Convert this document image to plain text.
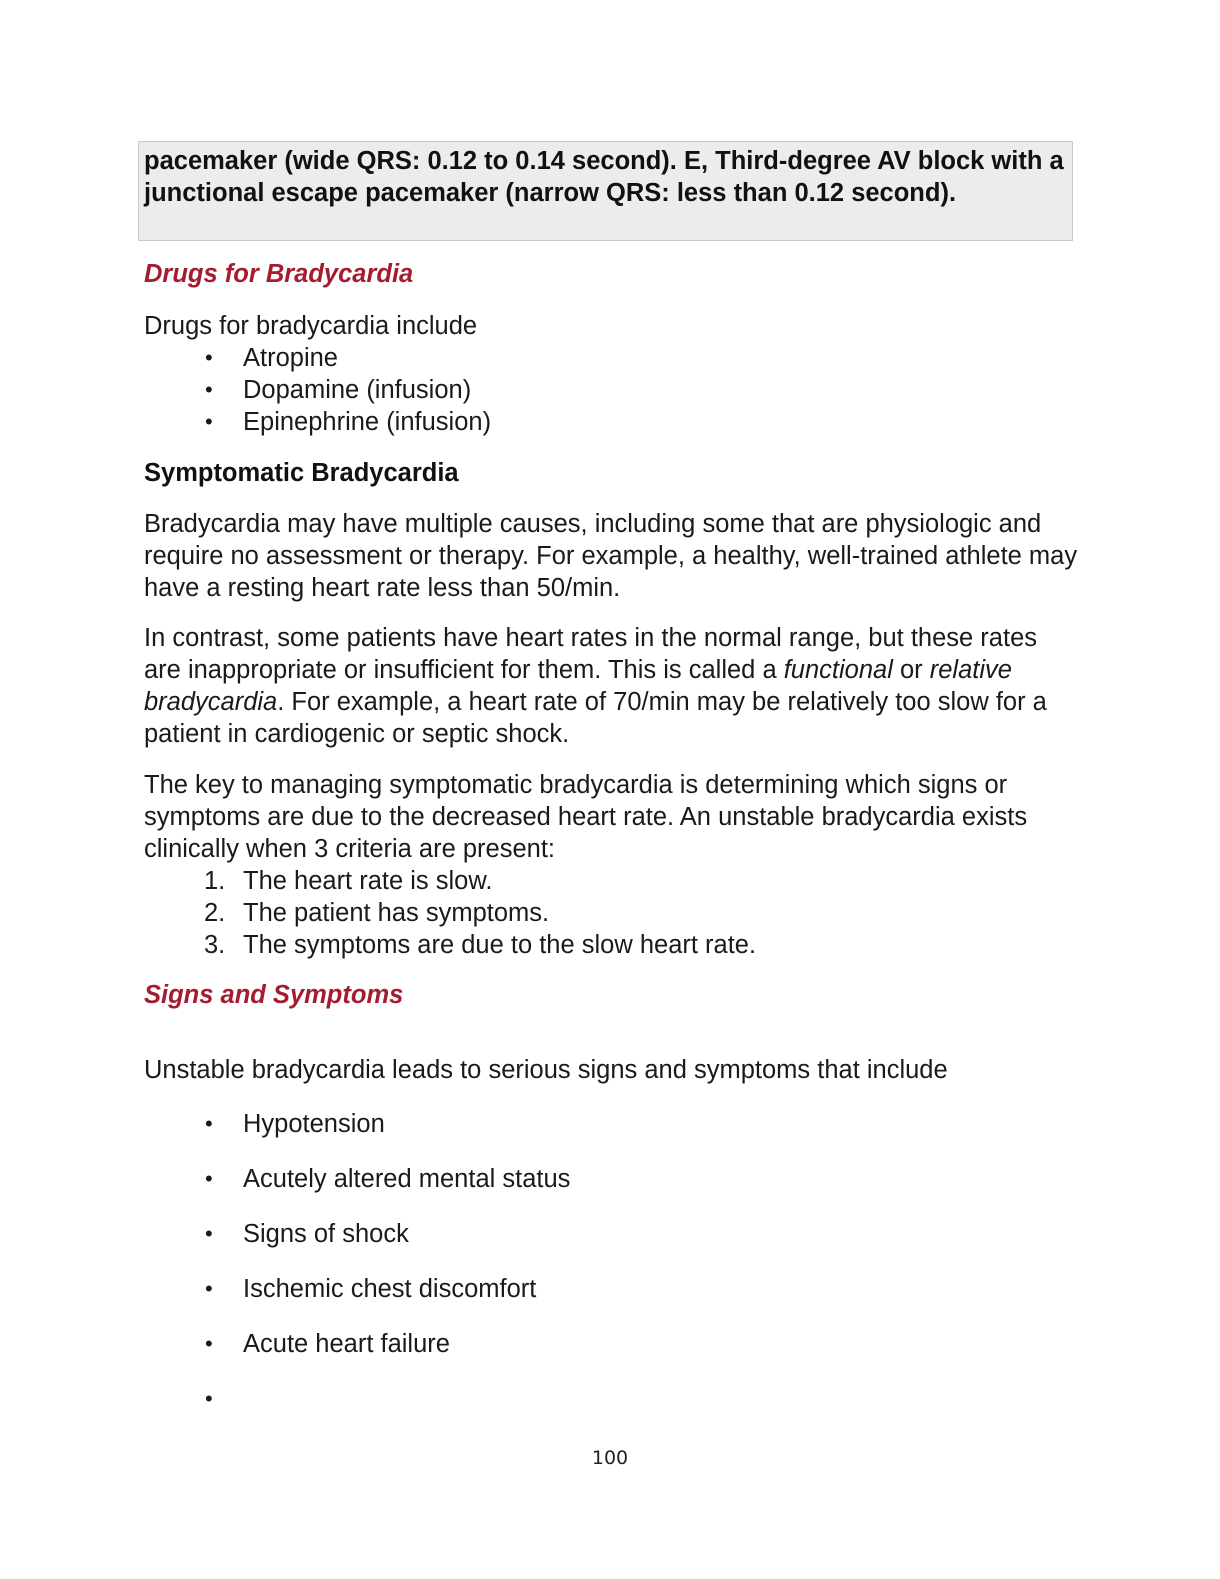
pacemaker (wide QRS: 0.12 to 0.14 second). E, Third-degree AV block with a junctional escape pacemaker (narrow QRS: less than 0.12 second).
Drugs for Bradycardia

Drugs for bradycardia include

• Atropine
• Dopamine (infusion)
• Epinephrine (infusion)
Symptomatic Bradycardia

Bradycardia may have multiple causes, including some that are physiologic and require no assessment or therapy. For example, a healthy, well-trained athlete may have a resting heart rate less than 50/min.

In contrast, some patients have heart rates in the normal range, but these rates are inappropriate or insufficient for them. This is called a functional or relative bradycardia. For example, a heart rate of 70/min may be relatively too slow for a patient in cardiogenic or septic shock.

The key to managing symptomatic bradycardia is determining which signs or symptoms are due to the decreased heart rate. An unstable bradycardia exists clinically when 3 criteria are present:

1. The heart rate is slow.
2. The patient has symptoms.
3. The symptoms are due to the slow heart rate.
Signs and Symptoms

Unstable bradycardia leads to serious signs and symptoms that include

• Hypotension
• Acutely altered mental status
• Signs of shock
• Ischemic chest discomfort
• Acute heart failure
•
100
